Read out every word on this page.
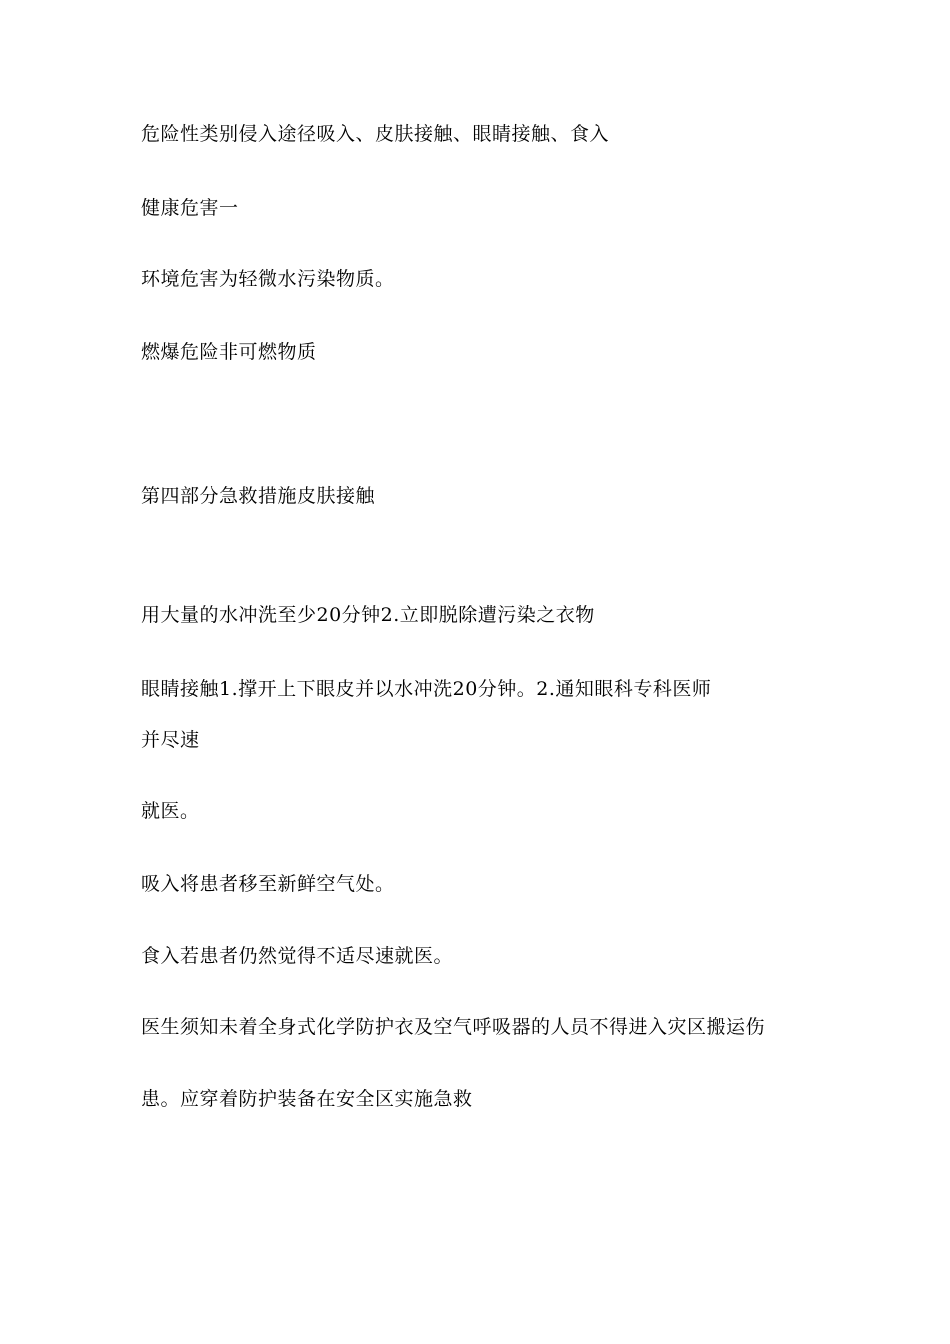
危险性类别侵入途径吸入、皮肤接触、眼睛接触、食入

健康危害一

环境危害为轻微水污染物质。

燃爆危险非可燃物质

第四部分急救措施皮肤接触

用大量的水冲洗至少20分钟2.立即脱除遭污染之衣物

眼睛接触1.撑开上下眼皮并以水冲洗20分钟。2.通知眼科专科医师

并尽速

就医。

吸入将患者移至新鲜空气处。

食入若患者仍然觉得不适尽速就医。

医生须知未着全身式化学防护衣及空气呼吸器的人员不得进入灾区搬运伤

患。应穿着防护装备在安全区实施急救
